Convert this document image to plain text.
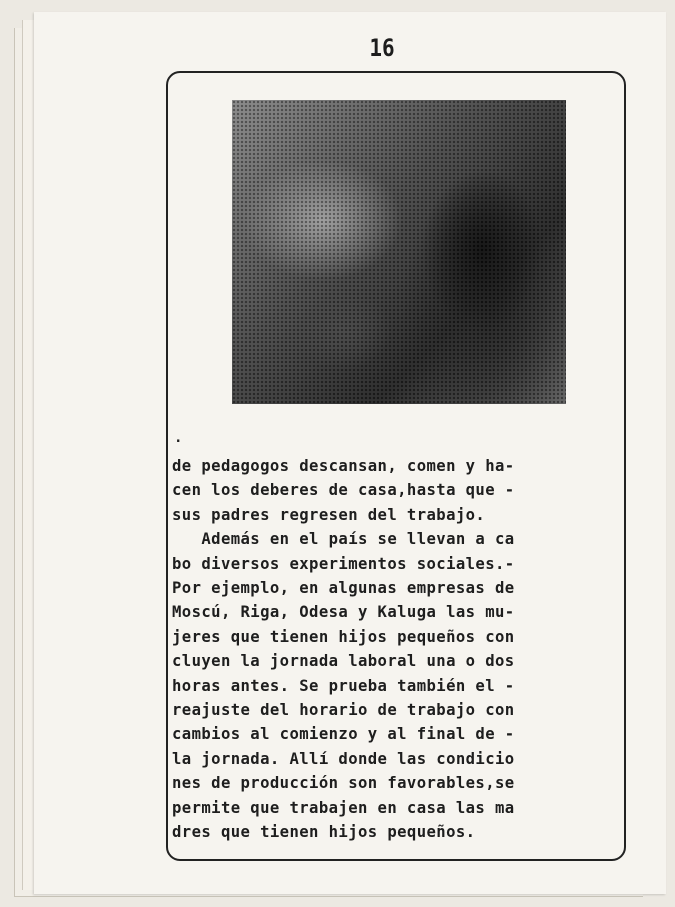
16
.
de pedagogos descansan, comen y ha-
cen los deberes de casa,hasta que -
sus padres regresen del trabajo.
Además en el país se llevan a ca
bo diversos experimentos sociales.-
Por ejemplo, en algunas empresas de
Moscú, Riga, Odesa y Kaluga las mu-
jeres que tienen hijos pequeños con
cluyen la jornada laboral una o dos
horas antes. Se prueba también el -
reajuste del horario de trabajo con
cambios al comienzo y al final de -
la jornada. Allí donde las condicio
nes de producción son favorables,se
permite que trabajen en casa las ma
dres que tienen hijos pequeños.
